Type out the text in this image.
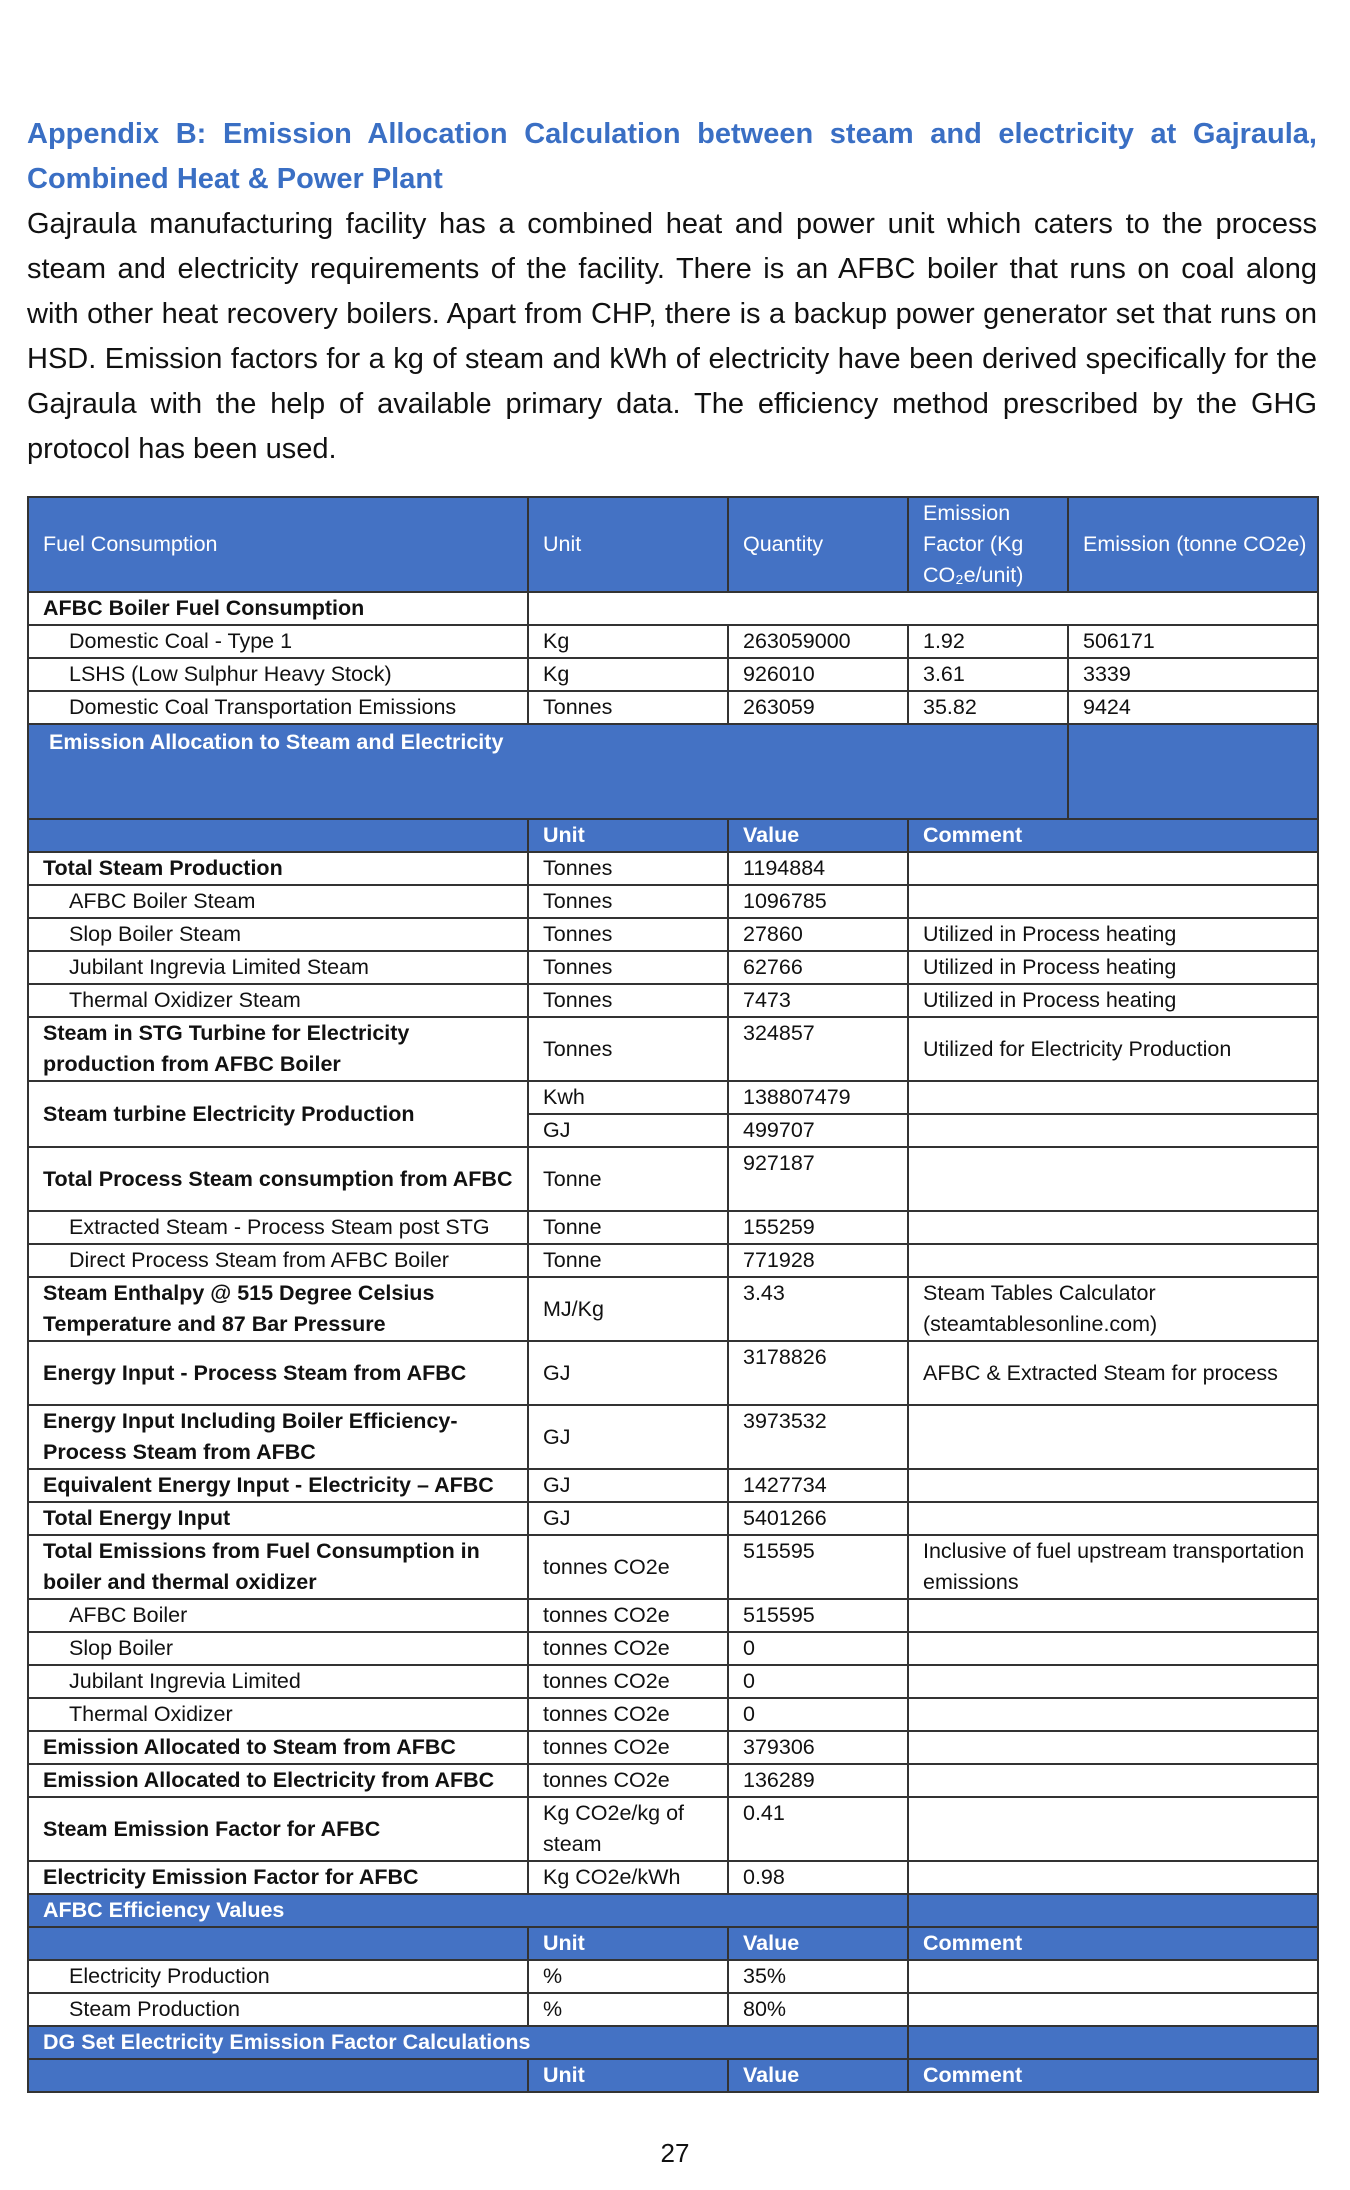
Appendix B: Emission Allocation Calculation between steam and electricity at Gajraula, Combined Heat & Power Plant

Gajraula manufacturing facility has a combined heat and power unit which caters to the process steam and electricity requirements of the facility. There is an AFBC boiler that runs on coal along with other heat recovery boilers. Apart from CHP, there is a backup power generator set that runs on HSD. Emission factors for a kg of steam and kWh of electricity have been derived specifically for the Gajraula with the help of available primary data. The efficiency method prescribed by the GHG protocol has been used.

Fuel Consumption	Unit	Quantity	Emission Factor (Kg CO₂e/unit)	Emission (tonne CO2e)
AFBC Boiler Fuel Consumption				
Domestic Coal - Type 1	Kg	263059000	1.92	506171
LSHS (Low Sulphur Heavy Stock)	Kg	926010	3.61	3339
Domestic Coal Transportation Emissions	Tonnes	263059	35.82	9424
Emission Allocation to Steam and Electricity				
	Unit	Value	Comment	
Total Steam Production	Tonnes	1194884		
AFBC Boiler Steam	Tonnes	1096785		
Slop Boiler Steam	Tonnes	27860	Utilized in Process heating	
Jubilant Ingrevia Limited Steam	Tonnes	62766	Utilized in Process heating	
Thermal Oxidizer Steam	Tonnes	7473	Utilized in Process heating	
Steam in STG Turbine for Electricity production from AFBC Boiler	Tonnes	324857	Utilized for Electricity Production	
Steam turbine Electricity Production	Kwh	138807479		
	GJ	499707		
Total Process Steam consumption from AFBC	Tonne	927187		
Extracted Steam - Process Steam post STG	Tonne	155259		
Direct Process Steam from AFBC Boiler	Tonne	771928		
Steam Enthalpy @ 515 Degree Celsius Temperature and 87 Bar Pressure	MJ/Kg	3.43	Steam Tables Calculator (steamtablesonline.com)	
Energy Input - Process Steam from AFBC	GJ	3178826	AFBC & Extracted Steam for process	
Energy Input Including Boiler Efficiency-Process Steam from AFBC	GJ	3973532		
Equivalent Energy Input - Electricity – AFBC	GJ	1427734		
Total Energy Input	GJ	5401266		
Total Emissions from Fuel Consumption in boiler and thermal oxidizer	tonnes CO2e	515595	Inclusive of fuel upstream transportation emissions	
AFBC Boiler	tonnes CO2e	515595		
Slop Boiler	tonnes CO2e	0		
Jubilant Ingrevia Limited	tonnes CO2e	0		
Thermal Oxidizer	tonnes CO2e	0		
Emission Allocated to Steam from AFBC	tonnes CO2e	379306		
Emission Allocated to Electricity from AFBC	tonnes CO2e	136289		
Steam Emission Factor for AFBC	Kg CO2e/kg of steam	0.41		
Electricity Emission Factor for AFBC	Kg CO2e/kWh	0.98		
AFBC Efficiency Values				
	Unit	Value	Comment	
Electricity Production	%	35%		
Steam Production	%	80%		
DG Set Electricity Emission Factor Calculations				
	Unit	Value	Comment	
27
